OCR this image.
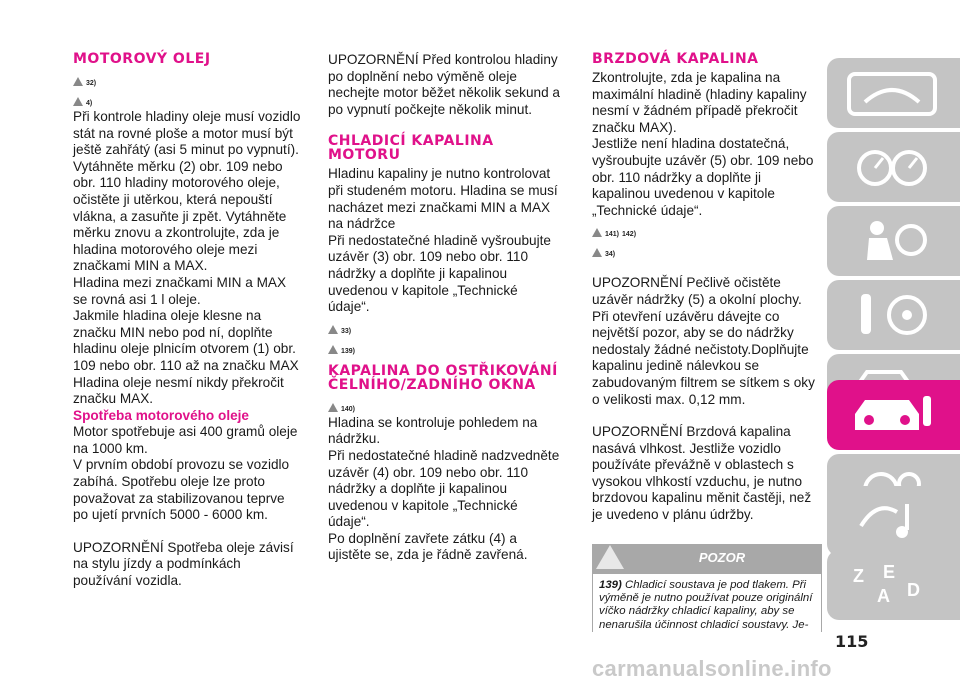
MOTOROVÝ OLEJ
32)
4)

Při kontrole hladiny oleje musí vozidlo stát na rovné ploše a motor musí být ještě zahřátý (asi 5 minut po vypnutí). Vytáhněte měrku (2) obr. 109 nebo obr. 110 hladiny motorového oleje, očistěte ji utěrkou, která nepouští vlákna, a zasuňte ji zpět. Vytáhněte měrku znovu a zkontrolujte, zda je hladina motorového oleje mezi značkami MIN a MAX.

Hladina mezi značkami MIN a MAX se rovná asi 1 l oleje.

Jakmile hladina oleje klesne na značku MIN nebo pod ní, doplňte hladinu oleje plnicím otvorem (1) obr. 109 nebo obr. 110 až na značku MAX Hladina oleje nesmí nikdy překročit značku MAX.

Spotřeba motorového oleje

Motor spotřebuje asi 400 gramů oleje na 1000 km.

V prvním období provozu se vozidlo zabíhá. Spotřebu oleje lze proto považovat za stabilizovanou teprve po ujetí prvních 5000 - 6000 km.

UPOZORNĚNÍ Spotřeba oleje závisí na stylu jízdy a podmínkách používání vozidla.

UPOZORNĚNÍ Před kontrolou hladiny po doplnění nebo výměně oleje nechejte motor běžet několik sekund a po vypnutí počkejte několik minut.

CHLADICÍ KAPALINA MOTORU

Hladinu kapaliny je nutno kontrolovat při studeném motoru. Hladina se musí nacházet mezi značkami MIN a MAX na nádržce

Při nedostatečné hladině vyšroubujte uzávěr (3) obr. 109 nebo obr. 110 nádržky a doplňte ji kapalinou uvedenou v kapitole „Technické údaje“.

33)
139)
KAPALINA DO OSTŘIKOVÁNÍ ČELNÍHO/ZADNÍHO OKNA
140)

Hladina se kontroluje pohledem na nádržku.

Při nedostatečné hladině nadzvedněte uzávěr (4) obr. 109 nebo obr. 110 nádržky a doplňte ji kapalinou uvedenou v kapitole „Technické údaje“.

Po doplnění zavřete zátku (4) a ujistěte se, zda je řádně zavřená.

BRZDOVÁ KAPALINA

Zkontrolujte, zda je kapalina na maximální hladině (hladiny kapaliny nesmí v žádném případě překročit značku MAX).

Jestliže není hladina dostatečná, vyšroubujte uzávěr (5) obr. 109 nebo obr. 110 nádržky a doplňte ji kapalinou uvedenou v kapitole „Technické údaje“.

141) 142)
34)

UPOZORNĚNÍ Pečlivě očistěte uzávěr nádržky (5) a okolní plochy. Při otevření uzávěru dávejte co největší pozor, aby se do nádržky nedostaly žádné nečistoty.Doplňujte kapalinu jedině nálevkou se zabudovaným filtrem se sítkem s oky o velikosti max. 0,12 mm.

UPOZORNĚNÍ Brzdová kapalina nasává vlhkost. Jestliže vozidlo používáte převážně v oblastech s vysokou vlhkostí vzduchu, je nutno brzdovou kapalinu měnit častěji, než je uvedeno v plánu údržby.

POZOR
139) Chladicí soustava je pod tlakem. Při výměně je nutno používat pouze originální víčko nádržky chladicí kapaliny, aby se nenarušila účinnost chladicí soustavy. Je-
Z E
A D
115
carmanualsonline.info
